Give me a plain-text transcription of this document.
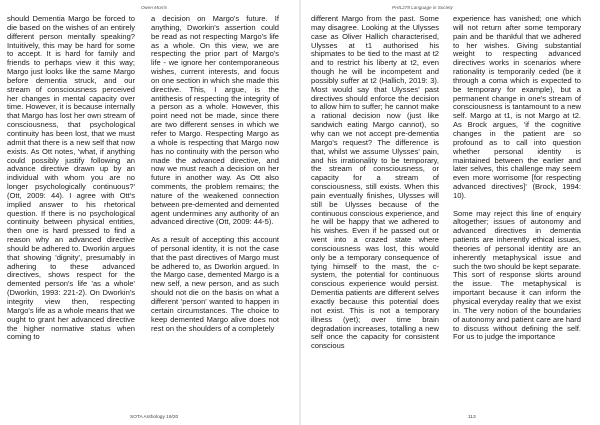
Owen Morris

should Dementia Margo be forced to die based on the wishes of an entirely different person mentally speaking? Intuitively, this may be hard for some to accept. It is hard for family and friends to perhaps view it this way; Margo just looks like the same Margo before dementia struck, and our stream of consciousness perceived her changes in mental capacity over time. However, it is because internally that Margo has lost her own stream of consciousness, that psychological continuity has been lost, that we must admit that there is a new self that now exists. As Ott notes, 'what, if anything could possibly justify following an advance directive drawn up by an individual with whom you are no longer psychologically continuous?' (Ott, 2009: 44). I agree with Ott's implied answer to his rhetorical question. If there is no psychological continuity between physical entities, then one is hard pressed to find a reason why an advanced directive should be adhered to. Dworkin argues that showing 'dignity', presumably in adhering to these advanced directives, shows respect for the demented person's life 'as a whole' (Dworkin, 1993: 221-2). On Dworkin's integrity view then, respecting Margo's life as a whole means that we ought to grant her advanced directive the higher normative status when coming to

a decision on Margo's future. If anything, Dworkin's assertion could be read as not respecting Margo's life as a whole. On this view, we are respecting the prior part of Margo's life - we ignore her contemporaneous wishes, current interests, and focus on one section in which she made this directive. This, I argue, is the antithesis of respecting the integrity of a person as a whole. However, this point need not be made, since there are two different senses in which we refer to Margo. Respecting Margo as a whole is respecting that Margo now has no continuity with the person who made the advanced directive, and now we must reach a decision on her future in another way. As Ott also comments, the problem remains; the nature of the weakened connection between pre-demented and demented agent undermines any authority of an advanced directive (Ott, 2009: 44-5).

As a result of accepting this account of personal identity, it is not the case that the past directives of Margo must be adhered to, as Dworkin argued. In the Margo case, demented Margo is a new self, a new person, and as such should not die on the basis on what a different 'person' wanted to happen in certain circumstances. The choice to keep demented Margo alive does not rest on the shoulders of a completely

SOTA Anthology 19/20
PHIL278 Language in Society

different Margo from the past. Some may disagree. Looking at the Ulysses case as Oliver Hallich characterised, Ulysses at t1 authorised his shipmates to be tied to the mast at t2 and to restrict his liberty at t2, even though he will be incompetent and possibly suffer at t2 (Hallich, 2019: 3). Most would say that Ulysses' past directives should enforce the decision to allow him to suffer; he cannot make a rational decision now (just like sandwich eating Margo cannot), so why can we not accept pre-dementia Margo's request? The difference is that, whilst we assume Ulysses' pain, and his irrationality to be temporary, the stream of consciousness, or capacity for a stream of consciousness, still exists. When this pain eventually finishes, Ulysses will still be Ulysses because of the continuous conscious experience, and he will be happy that we adhered to his wishes. Even if he passed out or went into a crazed state where consciousness was lost, this would only be a temporary consequence of tying himself to the mast, the c-system, the potential for continuous conscious experience would persist. Dementia patients are different selves exactly because this potential does not exist. This is not a temporary illness (yet); over time brain degradation increases, totalling a new self once the capacity for consistent conscious

experience has vanished; one which will not return after some temporary pain and be thankful that we adhered to her wishes. Giving substantial weight to respecting advanced directives works in scenarios where rationality is temporarily ceded (be it through a coma which is expected to be temporary for example), but a permanent change in one's stream of consciousness is tantamount to a new self. Margo at t1, is not Margo at t2. As Brock argues, 'if the cognitive changes in the patient are so profound as to call into question whether personal identity is maintained between the earlier and later selves, this challenge may seem even more worrisome [for respecting advanced directives]' (Brock, 1994: 10).

Some may reject this line of enquiry altogether; issues of autonomy and advanced directives in dementia patients are inherently ethical issues, theories of personal identity are an inherently metaphysical issue and such the two should be kept separate. This sort of response skirts around the issue. The metaphysical is important because it can inform the physical everyday reality that we exist in. The very notion of the boundaries of autonomy and patient care are hard to discuss without defining the self. For us to judge the importance

113
